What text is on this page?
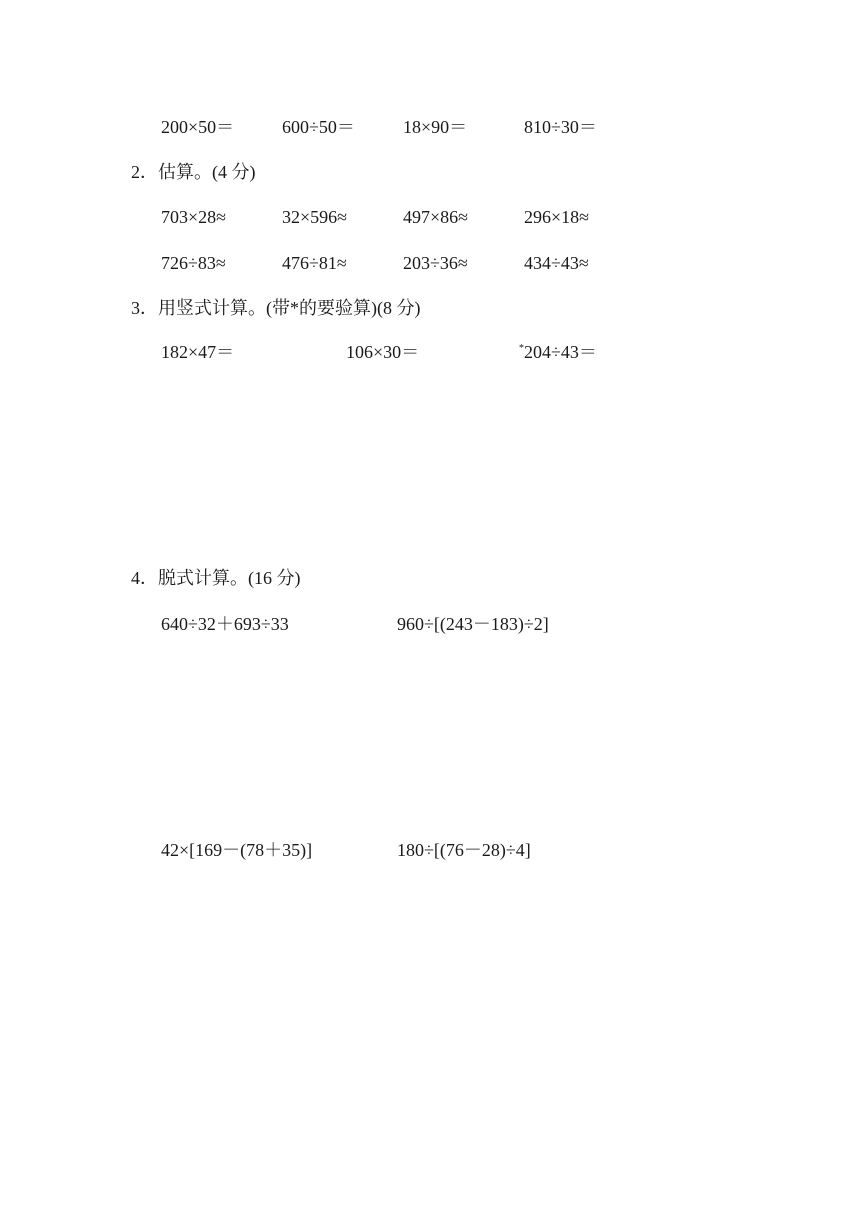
200×50＝	600÷50＝	18×90＝	810÷30＝
2．估算。(4 分)
703×28≈	32×596≈	497×86≈	296×18≈
726÷83≈	476÷81≈	203÷36≈	434÷43≈
3．用竖式计算。(带*的要验算)(8 分)
182×47＝	106×30＝	*204÷43＝
4．脱式计算。(16 分)
640÷32＋693÷33	960÷[(243－183)÷2]
42×[169－(78＋35)]	180÷[(76－28)÷4]
